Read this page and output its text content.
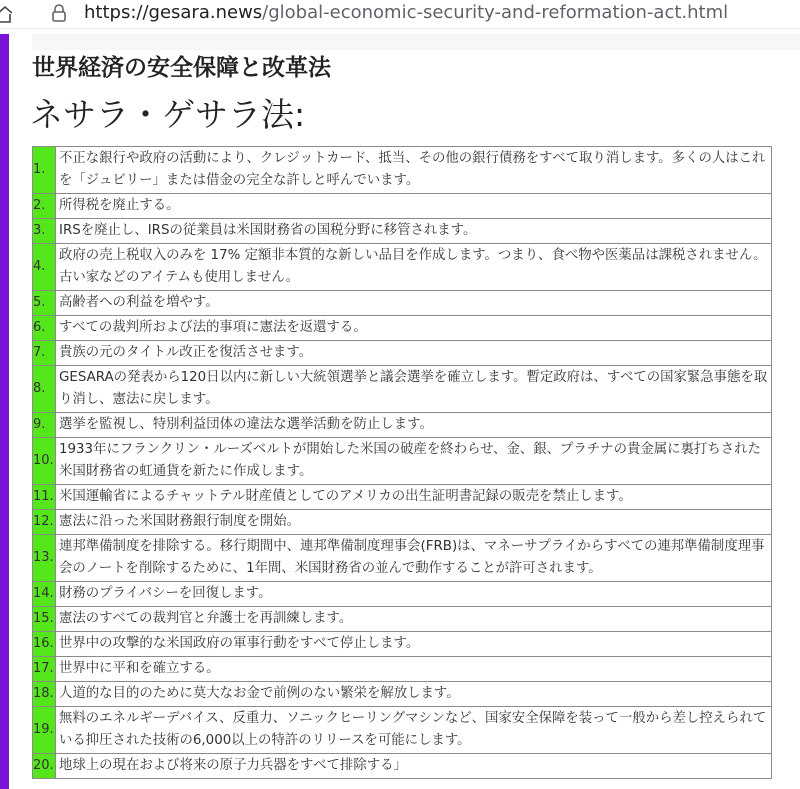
https://gesara.news/global-economic-security-and-reformation-act.html
世界経済の安全保障と改革法
ネサラ・ゲサラ法:
1.	不正な銀行や政府の活動により、クレジットカード、抵当、その他の銀行債務をすべて取り消します。多くの人はこれを「ジュビリー」または借金の完全な許しと呼んでいます。
2.	所得税を廃止する。
3.	IRSを廃止し、IRSの従業員は米国財務省の国税分野に移管されます。
4.	政府の売上税収入のみを 17% 定額非本質的な新しい品目を作成します。つまり、食べ物や医薬品は課税されません。古い家などのアイテムも使用しません。
5.	高齢者への利益を増やす。
6.	すべての裁判所および法的事項に憲法を返還する。
7.	貴族の元のタイトル改正を復活させます。
8.	GESARAの発表から120日以内に新しい大統領選挙と議会選挙を確立します。暫定政府は、すべての国家緊急事態を取り消し、憲法に戻します。
9.	選挙を監視し、特別利益団体の違法な選挙活動を防止します。
10.	1933年にフランクリン・ルーズベルトが開始した米国の破産を終わらせ、金、銀、プラチナの貴金属に裏打ちされた米国財務省の虹通貨を新たに作成します。
11.	米国運輸省によるチャットテル財産債としてのアメリカの出生証明書記録の販売を禁止します。
12.	憲法に沿った米国財務銀行制度を開始。
13.	連邦準備制度を排除する。移行期間中、連邦準備制度理事会(FRB)は、マネーサプライからすべての連邦準備制度理事会のノートを削除するために、1年間、米国財務省の並んで動作することが許可されます。
14.	財務のプライバシーを回復します。
15.	憲法のすべての裁判官と弁護士を再訓練します。
16.	世界中の攻撃的な米国政府の軍事行動をすべて停止します。
17.	世界中に平和を確立する。
18.	人道的な目的のために莫大なお金で前例のない繁栄を解放します。
19.	無料のエネルギーデバイス、反重力、ソニックヒーリングマシンなど、国家安全保障を装って一般から差し控えられている抑圧された技術の6,000以上の特許のリリースを可能にします。
20.	地球上の現在および将来の原子力兵器をすべて排除する」
